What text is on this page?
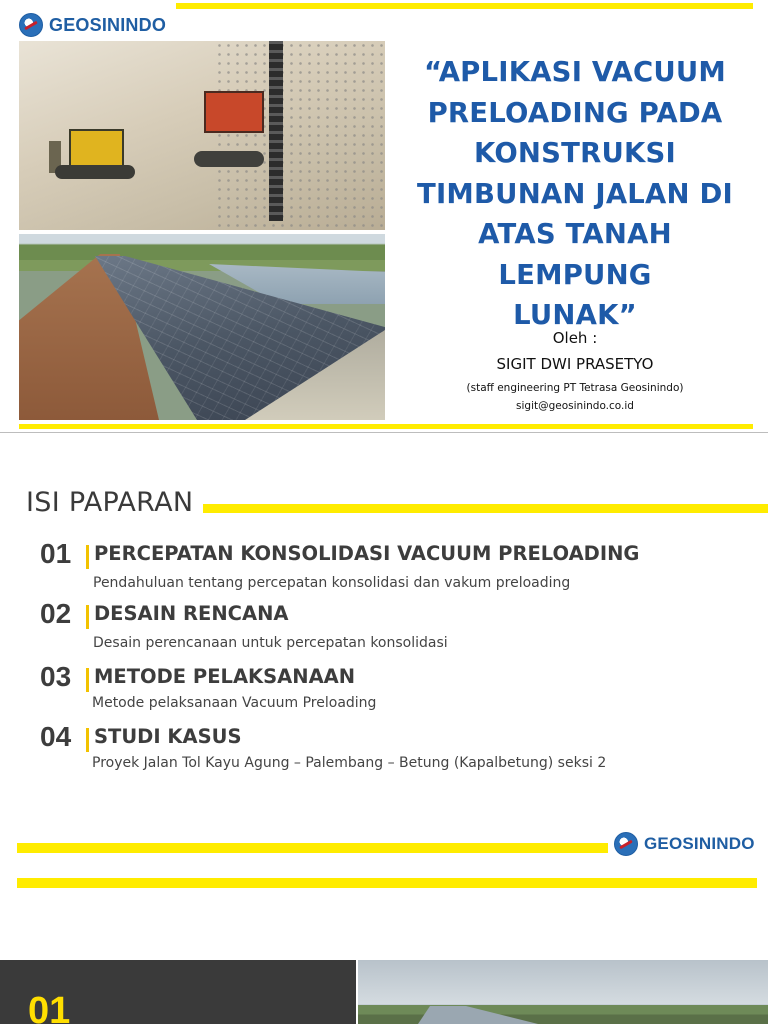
GEOSININDO
“APLIKASI VACUUM
PRELOADING PADA
KONSTRUKSI
TIMBUNAN JALAN DI
ATAS TANAH LEMPUNG
LUNAK”
Oleh :
SIGIT DWI PRASETYO
(staff engineering PT Tetrasa Geosinindo)
sigit@geosinindo.co.id
ISI PAPARAN
01 PERCEPATAN KONSOLIDASI VACUUM PRELOADING
Pendahuluan tentang percepatan konsolidasi dan vakum preloading
02 DESAIN RENCANA
Desain perencanaan untuk percepatan konsolidasi
03 METODE PELAKSANAAN
Metode pelaksanaan Vacuum Preloading
04 STUDI KASUS
Proyek Jalan Tol Kayu Agung – Palembang – Betung (Kapalbetung) seksi 2
GEOSININDO
01
